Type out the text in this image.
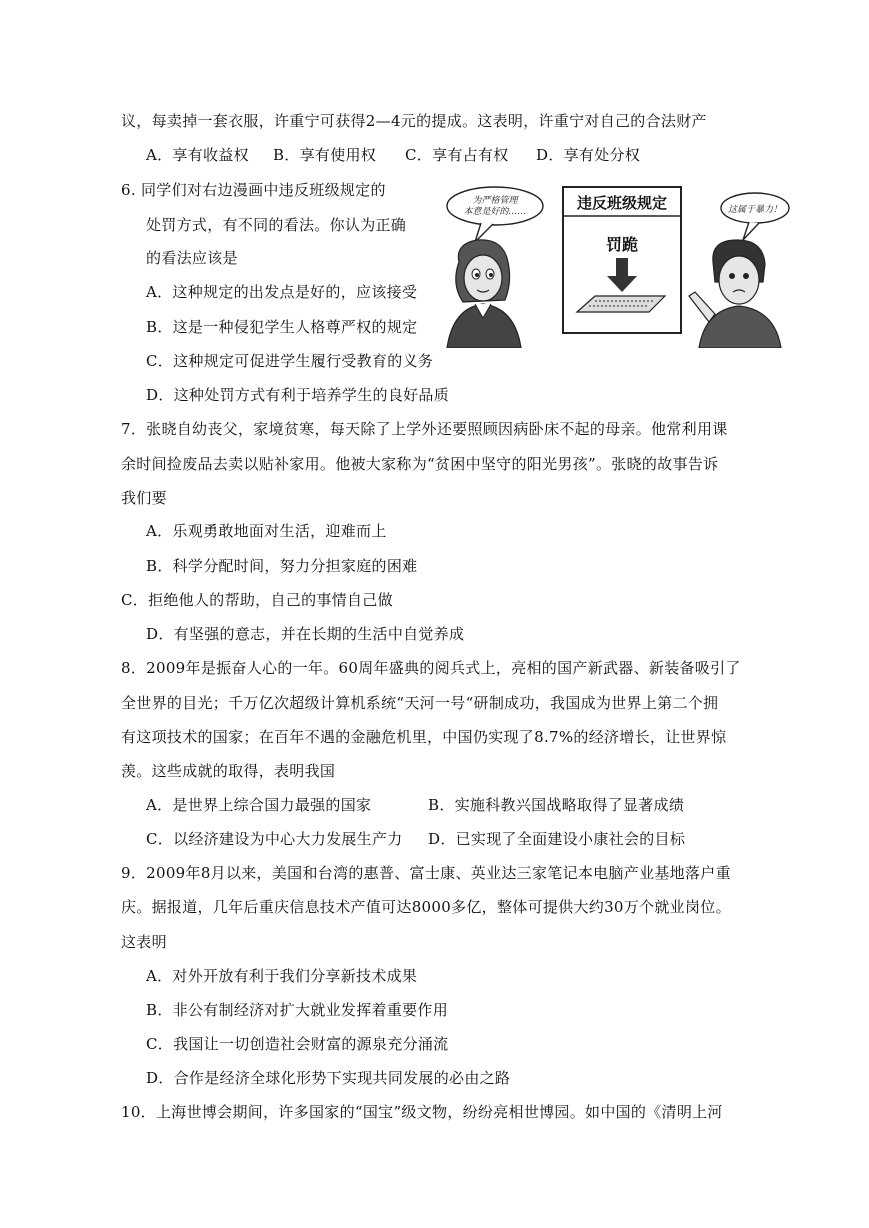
议，每卖掉一套衣服，许重宁可获得2—4元的提成。这表明，许重宁对自己的合法财产
A．享有收益权 B．享有使用权 C．享有占有权 D．享有处分权
6. 同学们对右边漫画中违反班级规定的
处罚方式，有不同的看法。你认为正确
的看法应该是
A．这种规定的出发点是好的，应该接受
B．这是一种侵犯学生人格尊严权的规定
C．这种规定可促进学生履行受教育的义务
D．这种处罚方式有利于培养学生的良好品质
为严格管理
本意是好的……	违反班级规定
罚跪
这属于暴力！
7．张晓自幼丧父，家境贫寒，每天除了上学外还要照顾因病卧床不起的母亲。他常利用课
余时间捡废品去卖以贴补家用。他被大家称为“贫困中坚守的阳光男孩”。张晓的故事告诉
我们要
A．乐观勇敢地面对生活，迎难而上
B．科学分配时间，努力分担家庭的困难
C．拒绝他人的帮助，自己的事情自己做
D．有坚强的意志，并在长期的生活中自觉养成
8．2009年是振奋人心的一年。60周年盛典的阅兵式上，亮相的国产新武器、新装备吸引了
全世界的目光；千万亿次超级计算机系统“天河一号“研制成功，我国成为世界上第二个拥
有这项技术的国家；在百年不遇的金融危机里，中国仍实现了8.7%的经济增长，让世界惊
羡。这些成就的取得，表明我国
A．是世界上综合国力最强的国家	B．实施科教兴国战略取得了显著成绩
C．以经济建设为中心大力发展生产力 D．已实现了全面建设小康社会的目标
9．2009年8月以来，美国和台湾的惠普、富士康、英业达三家笔记本电脑产业基地落户重
庆。据报道，几年后重庆信息技术产值可达8000多亿，整体可提供大约30万个就业岗位。
这表明
A．对外开放有利于我们分享新技术成果
B．非公有制经济对扩大就业发挥着重要作用
C．我国让一切创造社会财富的源泉充分涌流
D．合作是经济全球化形势下实现共同发展的必由之路
10．上海世博会期间，许多国家的“国宝”级文物，纷纷亮相世博园。如中国的《清明上河
